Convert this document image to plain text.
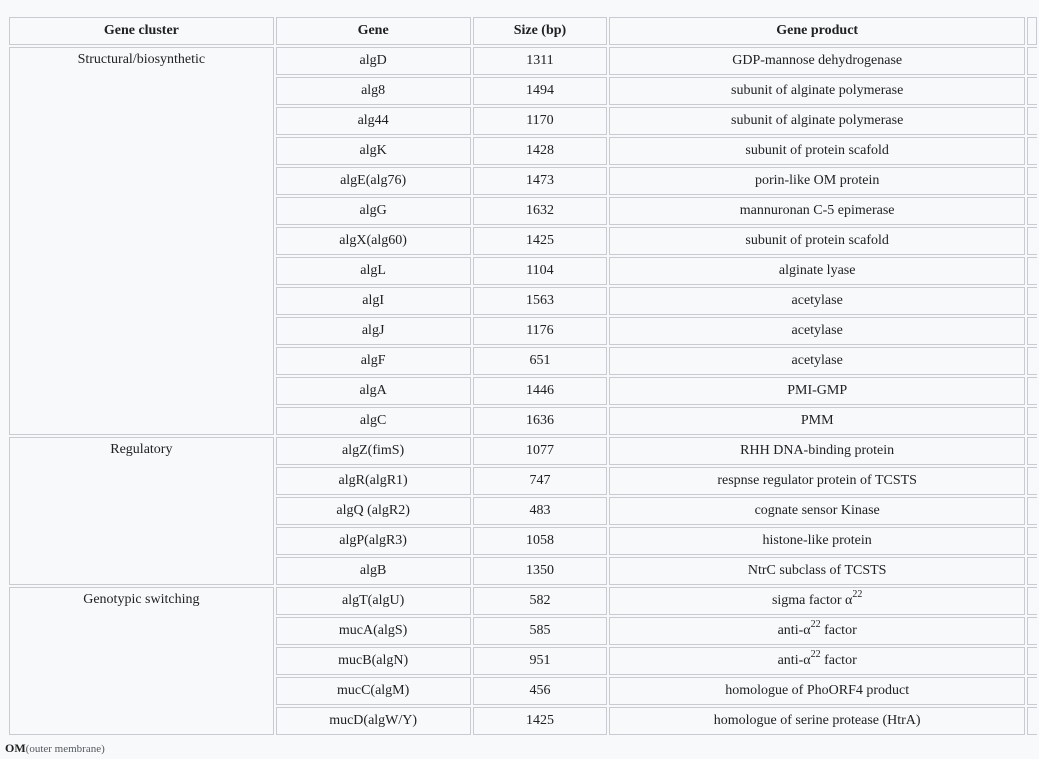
Gene cluster	Gene	Size (bp)	Gene product	
Structural/biosynthetic	algD	1311	GDP-mannose dehydrogenase	
	alg8	1494	subunit of alginate polymerase	
	alg44	1170	subunit of alginate polymerase	
	algK	1428	subunit of protein scafold	
	algE(alg76)	1473	porin-like OM protein	
	algG	1632	mannuronan C-5 epimerase	
	algX(alg60)	1425	subunit of protein scafold	
	algL	1104	alginate lyase	
	algI	1563	acetylase	
	algJ	1176	acetylase	
	algF	651	acetylase	
	algA	1446	PMI-GMP	
	algC	1636	PMM	
Regulatory	algZ(fimS)	1077	RHH DNA-binding protein	
	algR(algR1)	747	respnse regulator protein of TCSTS	
	algQ (algR2)	483	cognate sensor Kinase	
	algP(algR3)	1058	histone-like protein	
	algB	1350	NtrC subclass of TCSTS	
Genotypic switching	algT(algU)	582	sigma factor $\alpha^{22}$	
	mucA(algS)	585	anti-$\alpha^{22}$ factor	
	mucB(algN)	951	anti-$\alpha^{22}$ factor	
	mucC(algM)	456	homologue of PhoORF4 product	
	mucD(algW/Y)	1425	homologue of serine protease (HtrA)	
OM(outer membrane)
